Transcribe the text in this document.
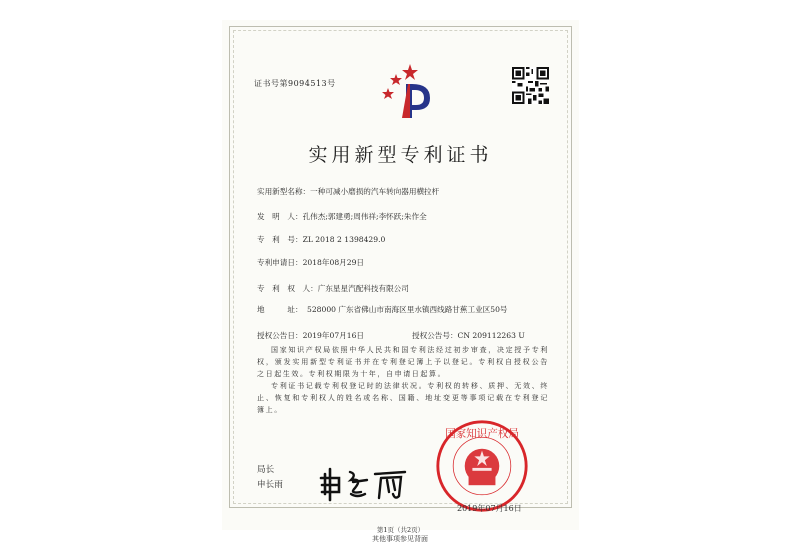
证书号第9094513号
实用新型专利证书
实用新型名称：一种可减小磨损的汽车转向器用横拉杆
发　明　人：孔伟杰;郭建勇;周伟祥;李怀跃;朱作全
专　利　号：ZL 2018 2 1398429.0
专利申请日：2018年08月29日
专　利　权　人：广东星星汽配科技有限公司
地　　　址： 528000 广东省佛山市南海区里水镇西线路甘蕉工业区50号
授权公告日：2019年07月16日	授权公告号：CN 209112263 U
国家知识产权局依照中华人民共和国专利法经过初步审查，决定授予专利权，颁发实用新型专利证书并在专利登记簿上予以登记。专利权自授权公告之日起生效。专利权期限为十年，自申请日起算。
专利证书记载专利权登记时的法律状况。专利权的转移、质押、无效、终止、恢复和专利权人的姓名或名称、国籍、地址变更等事项记载在专利登记簿上。
局长
申长雨
国家知识产权局
2019年07月16日
第1页（共2页）
其他事项参见背面
